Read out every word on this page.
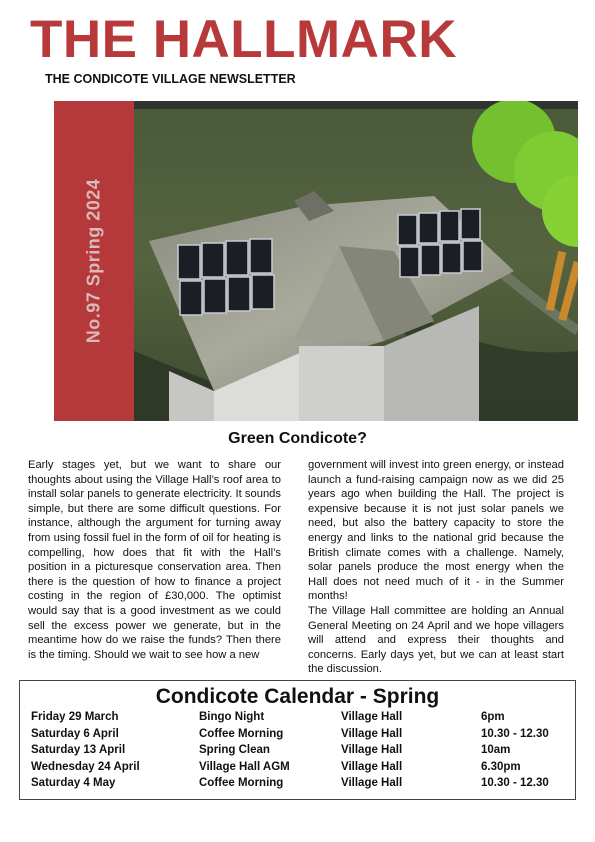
THE HALLMARK
THE CONDICOTE VILLAGE NEWSLETTER
No.97 Spring 2024
Green Condicote?

Early stages yet, but we want to share our thoughts about using the Village Hall’s roof area to install solar panels to generate electricity. It sounds simple, but there are some difficult questions. For instance, although the argument for turning away from using fossil fuel in the form of oil for heating is compelling, how does that fit with the Hall’s position in a picturesque conservation area. Then there is the question of how to finance a project costing in the region of £30,000. The optimist would say that is a good investment as we could sell the excess power we generate, but in the meantime how do we raise the funds? Then there is the timing. Should we wait to see how a new

government will invest into green energy, or instead launch a fund-raising campaign now as we did 25 years ago when building the Hall. The project is expensive because it is not just solar panels we need, but also the battery capacity to store the energy and links to the national grid because the British climate comes with a challenge. Namely, solar panels produce the most energy when the Hall does not need much of it - in the Summer months!

The Village Hall committee are holding an Annual General Meeting on 24 April and we hope villagers will attend and express their thoughts and concerns. Early days yet, but we can at least start the discussion.

Condicote Calendar - Spring
Friday 29 March	Bingo Night	Village Hall	6pm
Saturday 6 April	Coffee Morning	Village Hall	10.30 - 12.30
Saturday 13 April	Spring Clean	Village Hall	10am
Wednesday 24 April	Village Hall AGM	Village Hall	6.30pm
Saturday 4 May	Coffee Morning	Village Hall	10.30 - 12.30
